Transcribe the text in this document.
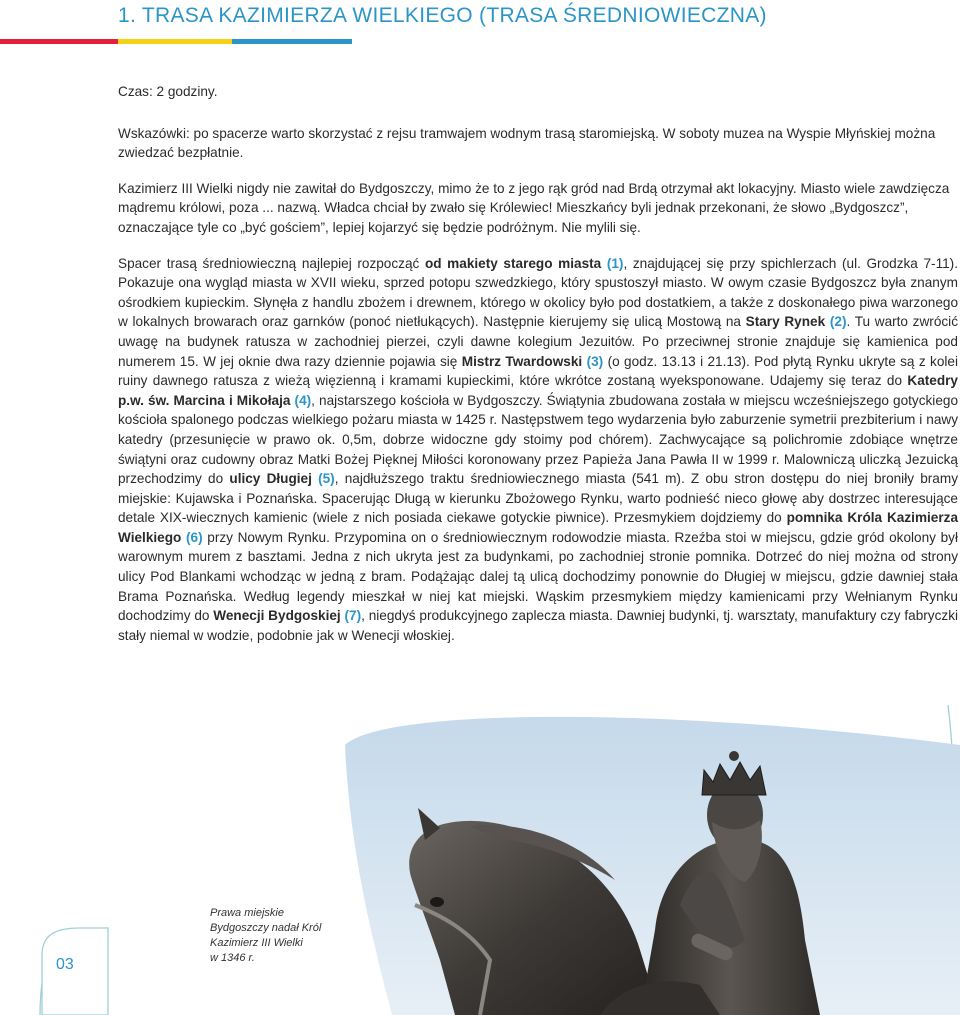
1. TRASA KAZIMIERZA WIELKIEGO (TRASA ŚREDNIOWIECZNA)

Czas: 2 godziny.

Wskazówki: po spacerze warto skorzystać z rejsu tramwajem wodnym trasą staromiejską. W soboty muzea na Wyspie Młyńskiej można zwiedzać bezpłatnie.

Kazimierz III Wielki nigdy nie zawitał do Bydgoszczy, mimo że to z jego rąk gród nad Brdą otrzymał akt lokacyjny. Miasto wiele zawdzięcza mądremu królowi, poza ... nazwą. Władca chciał by zwało się Królewiec! Mieszkańcy byli jednak przekonani, że słowo „Bydgoszcz”, oznaczające tyle co „być gościem”, lepiej kojarzyć się będzie podróżnym. Nie mylili się.

Spacer trasą średniowieczną najlepiej rozpocząć od makiety starego miasta (1), znajdującej się przy spichlerzach (ul. Grodzka 7-11). Pokazuje ona wygląd miasta w XVII wieku, sprzed potopu szwedzkiego, który spustoszył miasto. W owym czasie Bydgoszcz była znanym ośrodkiem kupieckim. Słynęła z handlu zbożem i drewnem, którego w okolicy było pod dostatkiem, a także z doskonałego piwa warzonego w lokalnych browarach oraz garnków (ponoć nietłukących). Następnie kierujemy się ulicą Mostową na Stary Rynek (2). Tu warto zwrócić uwagę na budynek ratusza w zachodniej pierzei, czyli dawne kolegium Jezuitów. Po przeciwnej stronie znajduje się kamienica pod numerem 15. W jej oknie dwa razy dziennie pojawia się Mistrz Twardowski (3) (o godz. 13.13 i 21.13). Pod płytą Rynku ukryte są z kolei ruiny dawnego ratusza z wieżą więzienną i kramami kupieckimi, które wkrótce zostaną wyeksponowane. Udajemy się teraz do Katedry p.w. św. Marcina i Mikołaja (4), najstarszego kościoła w Bydgoszczy. Świątynia zbudowana została w miejscu wcześniejszego gotyckiego kościoła spalonego podczas wielkiego pożaru miasta w 1425 r. Następstwem tego wydarzenia było zaburzenie symetrii prezbiterium i nawy katedry (przesunięcie w prawo ok. 0,5m, dobrze widoczne gdy stoimy pod chórem). Zachwycające są polichromie zdobiące wnętrze świątyni oraz cudowny obraz Matki Bożej Pięknej Miłości koronowany przez Papieża Jana Pawła II w 1999 r. Malowniczą uliczką Jezuicką przechodzimy do ulicy Długiej (5), najdłuższego traktu średniowiecznego miasta (541 m). Z obu stron dostępu do niej broniły bramy miejskie: Kujawska i Poznańska. Spacerując Długą w kierunku Zbożowego Rynku, warto podnieść nieco głowę aby dostrzec interesujące detale XIX-wiecznych kamienic (wiele z nich posiada ciekawe gotyckie piwnice). Przesmykiem dojdziemy do pomnika Króla Kazimierza Wielkiego (6) przy Nowym Rynku. Przypomina on o średniowiecznym rodowodzie miasta. Rzeźba stoi w miejscu, gdzie gród okolony był warownym murem z basztami. Jedna z nich ukryta jest za budynkami, po zachodniej stronie pomnika. Dotrzeć do niej można od strony ulicy Pod Blankami wchodząc w jedną z bram. Podążając dalej tą ulicą dochodzimy ponownie do Długiej w miejscu, gdzie dawniej stała Brama Poznańska. Według legendy mieszkał w niej kat miejski. Wąskim przesmykiem między kamienicami przy Wełnianym Rynku dochodzimy do Wenecji Bydgoskiej (7), niegdyś produkcyjnego zaplecza miasta. Dawniej budynki, tj. warsztaty, manufaktury czy fabryczki stały niemal w wodzie, podobnie jak w Wenecji włoskiej.

Prawa miejskie
Bydgoszczy nadał Król
Kazimierz III Wielki
w 1346 r.
03
